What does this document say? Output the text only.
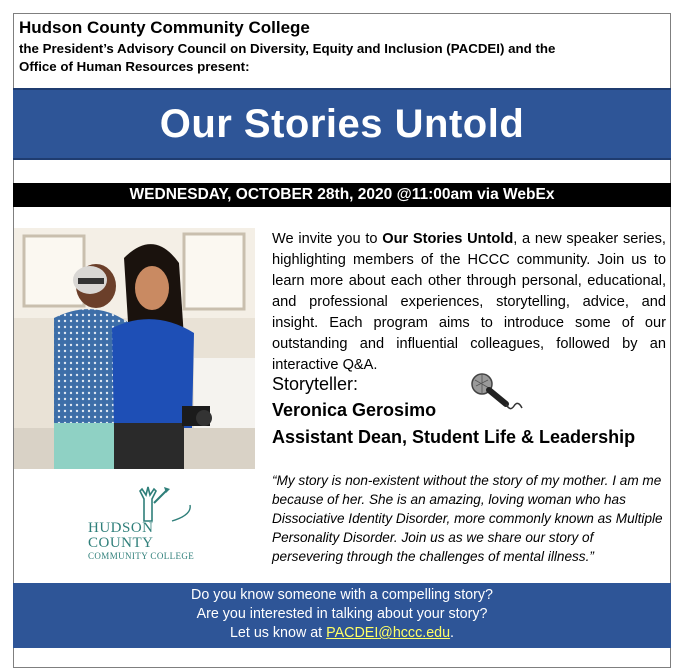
Hudson County Community College
the President’s Advisory Council on Diversity, Equity and Inclusion (PACDEI) and the
Office of Human Resources present:
Our Stories Untold
WEDNESDAY, OCTOBER 28th, 2020 @11:00am via WebEx
We invite you to Our Stories Untold, a new speaker series, highlighting members of the HCCC community. Join us to learn more about each other through personal, educational, and professional experiences, storytelling, advice, and insight. Each program aims to introduce some of our outstanding and influential colleagues, followed by an interactive Q&A.
Storyteller:
Veronica Gerosimo
Assistant Dean, Student Life & Leadership
“My story is non-existent without the story of my mother. I am me because of her. She is an amazing, loving woman who has Dissociative Identity Disorder, more commonly known as Multiple Personality Disorder. Join us as we share our story of persevering through the challenges of mental illness.”
HUDSON
COUNTY
COMMUNITY COLLEGE
Do you know someone with a compelling story?
Are you interested in talking about your story?
Let us know at PACDEI@hccc.edu.
